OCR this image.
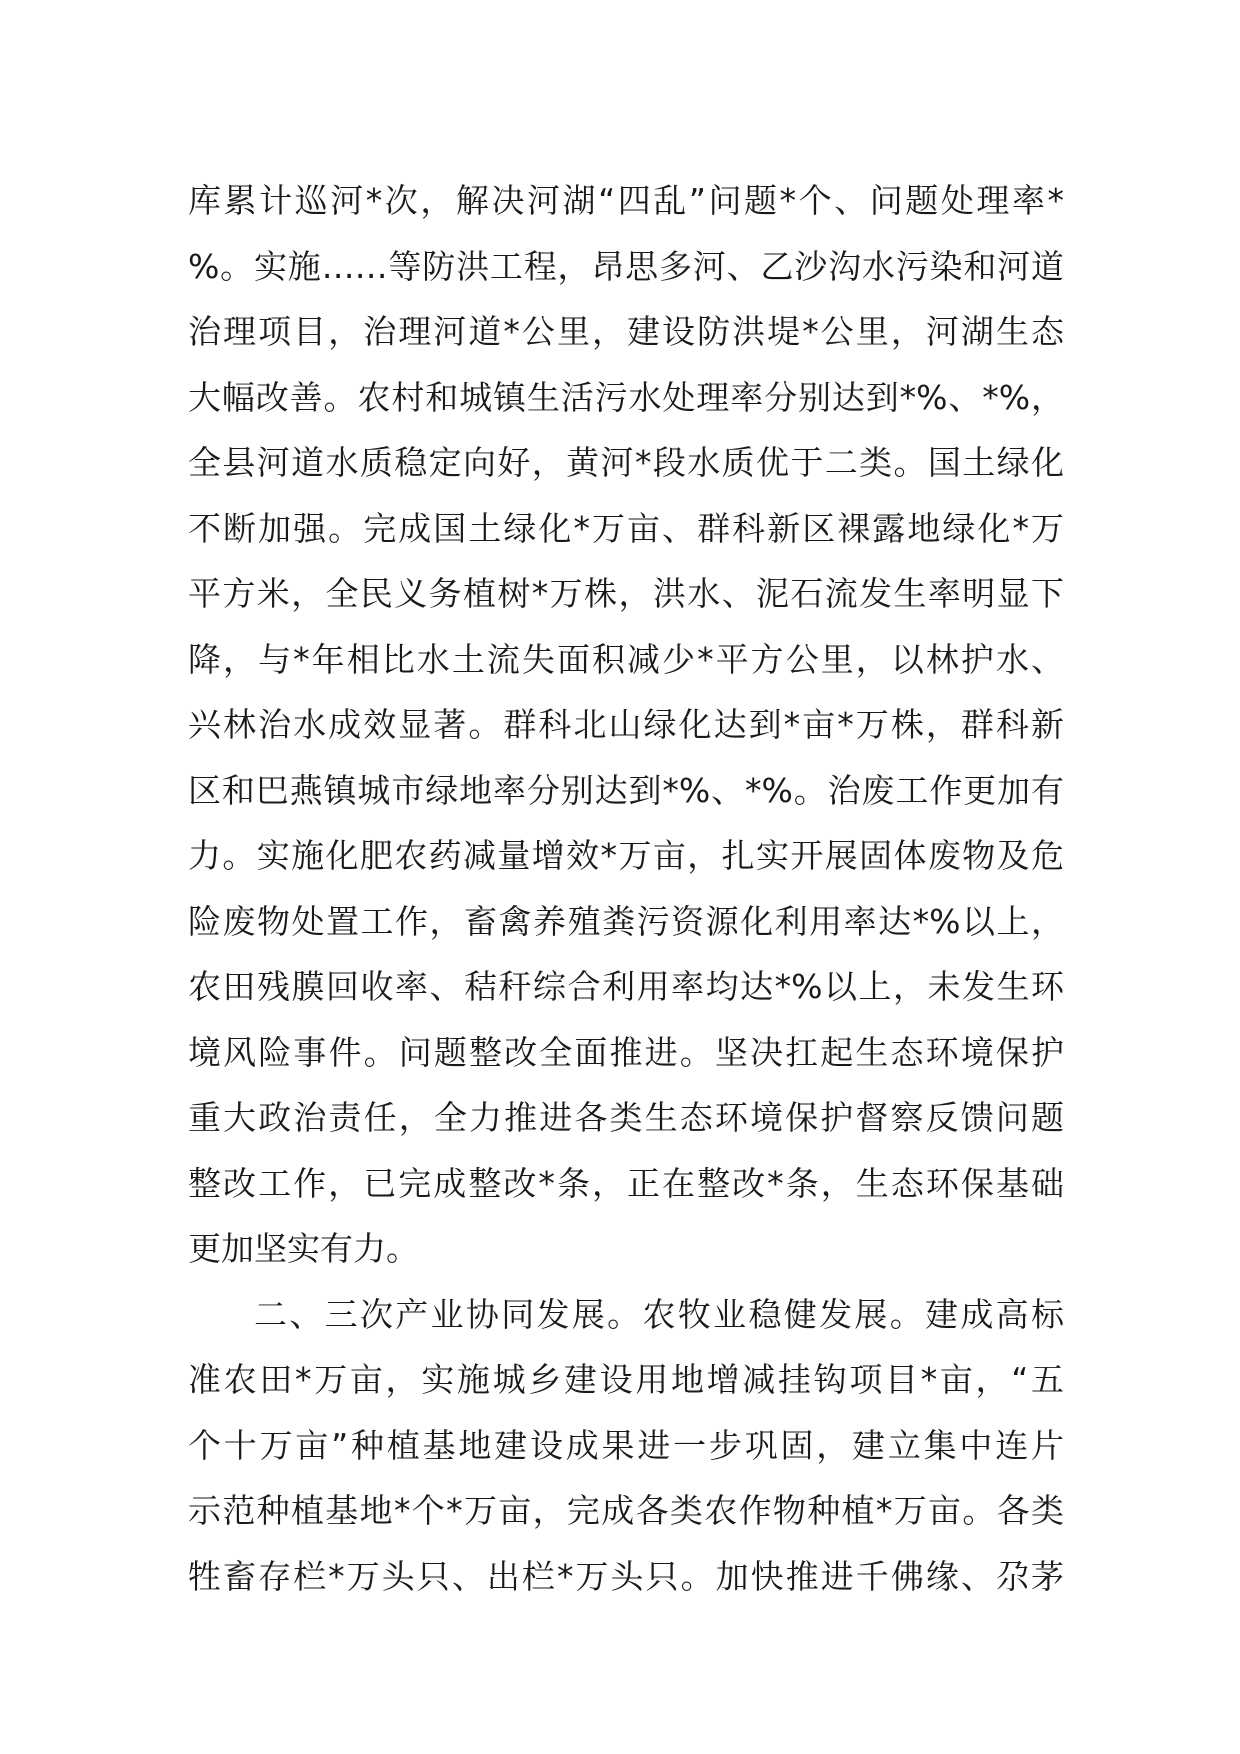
库累计巡河*次，解决河湖“四乱”问题*个、问题处理率*
%。实施……等防洪工程，昂思多河、乙沙沟水污染和河道
治理项目，治理河道*公里，建设防洪堤*公里，河湖生态
大幅改善。农村和城镇生活污水处理率分别达到*%、*%，
全县河道水质稳定向好，黄河*段水质优于二类。国土绿化
不断加强。完成国土绿化*万亩、群科新区裸露地绿化*万
平方米，全民义务植树*万株，洪水、泥石流发生率明显下
降，与*年相比水土流失面积减少*平方公里，以林护水、
兴林治水成效显著。群科北山绿化达到*亩*万株，群科新
区和巴燕镇城市绿地率分别达到*%、*%。治废工作更加有
力。实施化肥农药减量增效*万亩，扎实开展固体废物及危
险废物处置工作，畜禽养殖粪污资源化利用率达*%以上，
农田残膜回收率、秸秆综合利用率均达*%以上，未发生环
境风险事件。问题整改全面推进。坚决扛起生态环境保护
重大政治责任，全力推进各类生态环境保护督察反馈问题
整改工作，已完成整改*条，正在整改*条，生态环保基础
更加坚实有力。
二、三次产业协同发展。农牧业稳健发展。建成高标
准农田*万亩，实施城乡建设用地增减挂钩项目*亩，“五
个十万亩”种植基地建设成果进一步巩固，建立集中连片
示范种植基地*个*万亩，完成各类农作物种植*万亩。各类
牲畜存栏*万头只、出栏*万头只。加快推进千佛缘、尕茅
